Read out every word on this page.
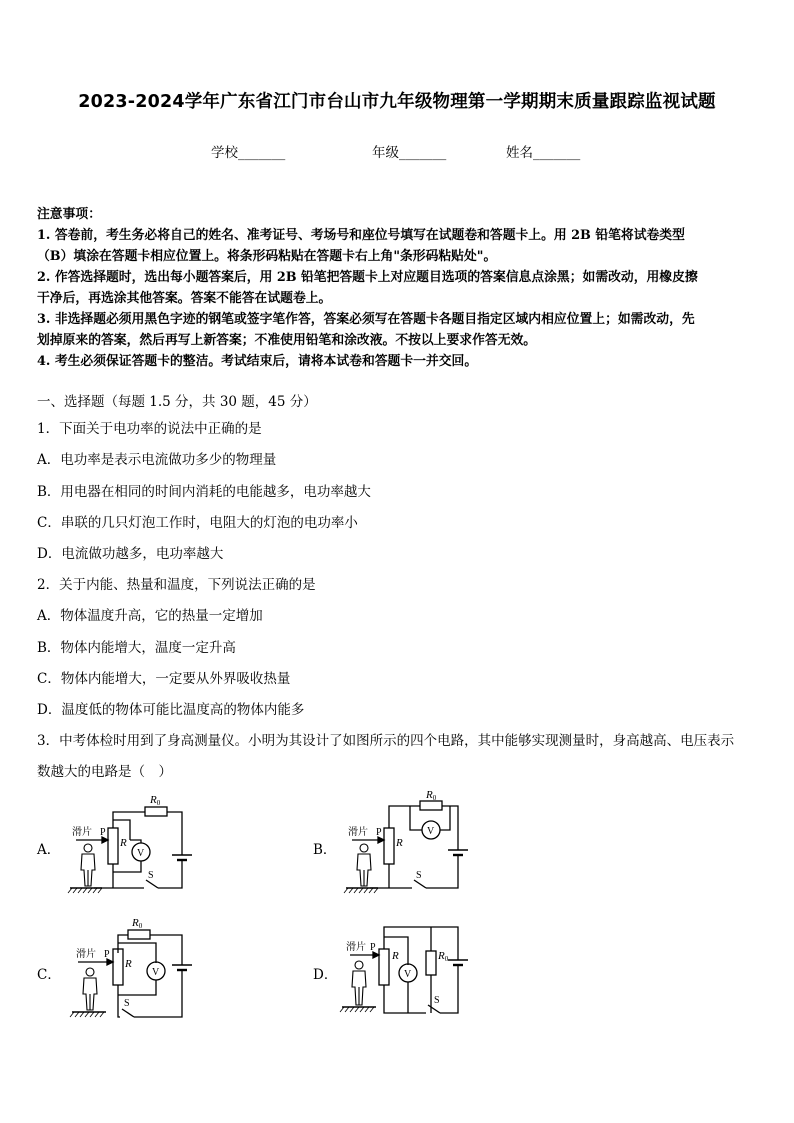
2023-2024学年广东省江门市台山市九年级物理第一学期期末质量跟踪监视试题
学校_______	年级_______	姓名_______
注意事项：
1. 答卷前，考生务必将自己的姓名、准考证号、考场号和座位号填写在试题卷和答题卡上。用 2B 铅笔将试卷类型
（B）填涂在答题卡相应位置上。将条形码粘贴在答题卡右上角"条形码粘贴处"。
2. 作答选择题时，选出每小题答案后，用 2B 铅笔把答题卡上对应题目选项的答案信息点涂黑；如需改动，用橡皮擦
干净后，再选涂其他答案。答案不能答在试题卷上。
3. 非选择题必须用黑色字迹的钢笔或签字笔作答，答案必须写在答题卡各题目指定区域内相应位置上；如需改动，先
划掉原来的答案，然后再写上新答案；不准使用铅笔和涂改液。不按以上要求作答无效。
4. 考生必须保证答题卡的整洁。考试结束后，请将本试卷和答题卡一并交回。
一、选择题（每题 1.5 分，共 30 题，45 分）
1．下面关于电功率的说法中正确的是
A．电功率是表示电流做功多少的物理量
B．用电器在相同的时间内消耗的电能越多，电功率越大
C．串联的几只灯泡工作时，电阻大的灯泡的电功率小
D．电流做功越多，电功率越大
2．关于内能、热量和温度，下列说法正确的是
A．物体温度升高，它的热量一定增加
B．物体内能增大，温度一定升高
C．物体内能增大，一定要从外界吸收热量
D．温度低的物体可能比温度高的物体内能多
3．中考体检时用到了身高测量仪。小明为其设计了如图所示的四个电路，其中能够实现测量时，身高越高、电压表示
数越大的电路是（　）
A．	B．
C．	D．
滑片 P
R
R0
V
S
滑片 P
R
R0
V
S
滑片 P
R
R0
V
S
滑片 P
R	R0
V
S
